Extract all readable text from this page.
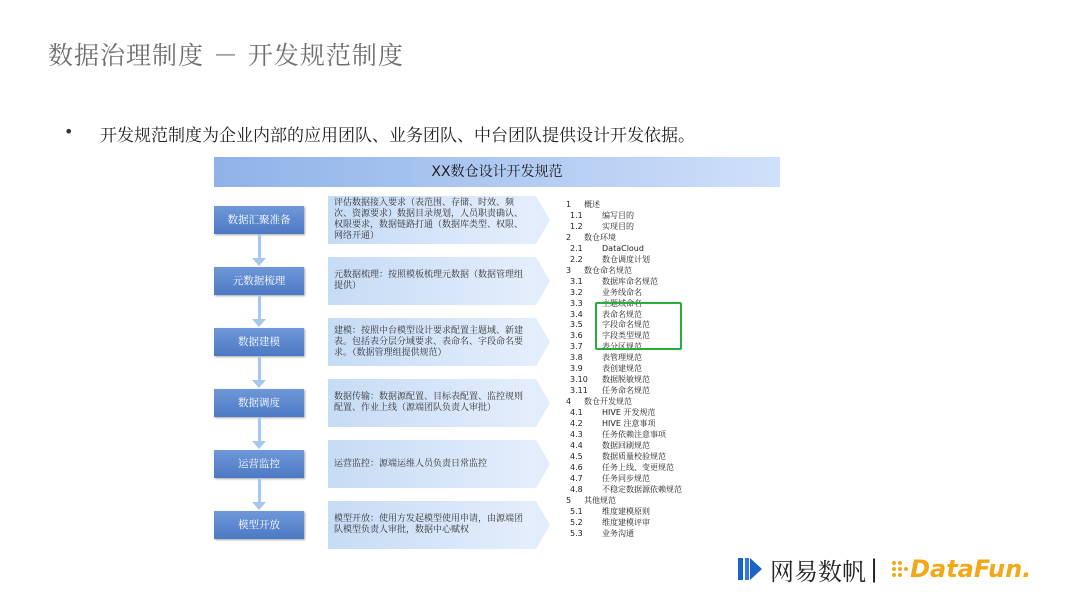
数据治理制度 － 开发规范制度
• 开发规范制度为企业内部的应用团队、业务团队、中台团队提供设计开发依据。
XX数仓设计开发规范
数据汇聚准备
元数据梳理
数据建模
数据调度
运营监控
模型开放
评估数据接入要求（表范围、存储、时效、频次、资源要求）数据目录规划，人员职责确认、权限要求，数据链路打通（数据库类型、权限、网络开通）
元数据梳理：按照模板梳理元数据（数据管理组提供）
建模：按照中台模型设计要求配置主题域、新建表。包括表分层分域要求、表命名、字段命名要求。（数据管理组提供规范）
数据传输：数据源配置、目标表配置、监控规则配置、作业上线（源端团队负责人审批）
运营监控：源端运维人员负责日常监控
模型开放：使用方发起模型使用申请，由源端团队模型负责人审批，数据中心赋权
1 概述
1.1 编写目的
1.2 实现目的
2 数仓环境
2.1 DataCloud
2.2 数仓调度计划
3 数仓命名规范
3.1 数据库命名规范
3.2 业务线命名
3.3 主题域命名
3.4 表命名规范
3.5 字段命名规范
3.6 字段类型规范
3.7 表分区规范
3.8 表管理规范
3.9 表创建规范
3.10 数据脱敏规范
3.11 任务命名规范
4 数仓开发规范
4.1 HIVE 开发规范
4.2 HIVE 注意事项
4.3 任务依赖注意事项
4.4 数据回刷规范
4.5 数据质量校验规范
4.6 任务上线、变更规范
4.7 任务同步规范
4.8 不稳定数据源依赖规范
5 其他规范
5.1 维度建模原则
5.2 维度建模评审
5.3 业务沟通
网易数帆 | DataFun.
